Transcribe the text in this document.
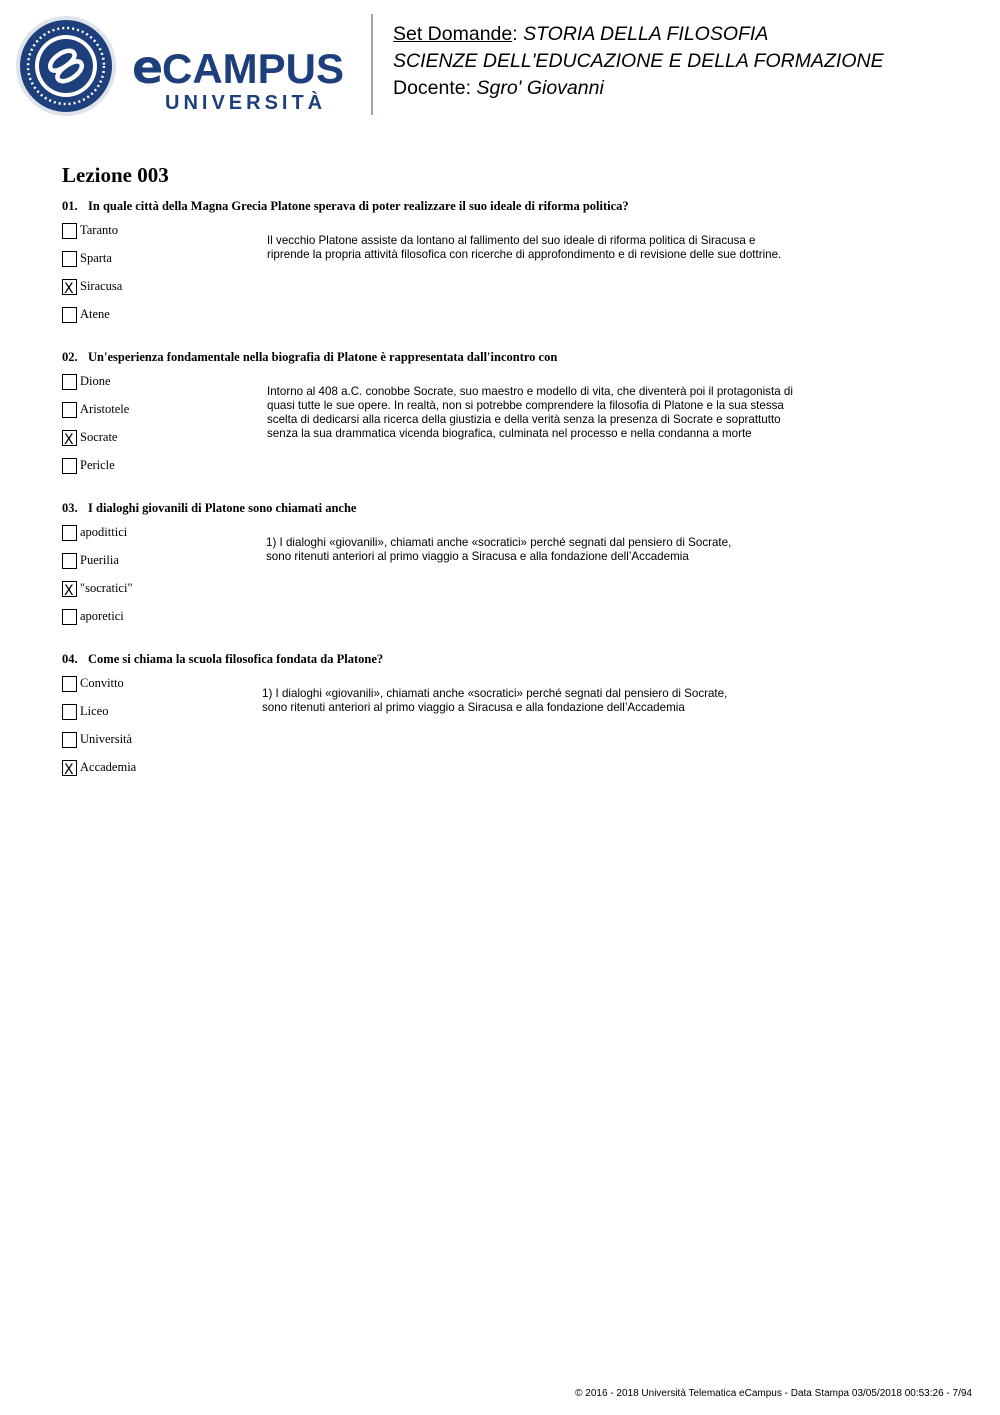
e
CAMPUS
UNIVERSITÀ
Set Domande: STORIA DELLA FILOSOFIA
SCIENZE DELL'EDUCAZIONE E DELLA FORMAZIONE
Docente: Sgro' Giovanni
Lezione 003
01. In quale città della Magna Grecia Platone sperava di poter realizzare il suo ideale di riforma politica?
Taranto
Sparta
X Siracusa
Atene

Il vecchio Platone assiste da lontano al fallimento del suo ideale di riforma politica di Siracusa e

riprende la propria attività filosofica con ricerche di approfondimento e di revisione delle sue dottrine.

02. Un'esperienza fondamentale nella biografia di Platone è rappresentata dall'incontro con
Dione
Aristotele
X Socrate
Pericle

Intorno al 408 a.C. conobbe Socrate, suo maestro e modello di vita, che diventerà poi il protagonista di

quasi tutte le sue opere. In realtà, non si potrebbe comprendere la filosofia di Platone e la sua stessa

scelta di dedicarsi alla ricerca della giustizia e della verità senza la presenza di Socrate e soprattutto

senza la sua drammatica vicenda biografica, culminata nel processo e nella condanna a morte

03. I dialoghi giovanili di Platone sono chiamati anche
apodittici
Puerilia
X "socratici"
aporetici

1) I dialoghi «giovanili», chiamati anche «socratici» perché segnati dal pensiero di Socrate,

sono ritenuti anteriori al primo viaggio a Siracusa e alla fondazione dell’Accademia

04. Come si chiama la scuola filosofica fondata da Platone?
Convitto
Liceo
Università
X Accademia

1) I dialoghi «giovanili», chiamati anche «socratici» perché segnati dal pensiero di Socrate,

sono ritenuti anteriori al primo viaggio a Siracusa e alla fondazione dell’Accademia

© 2016 - 2018 Università Telematica eCampus - Data Stampa 03/05/2018 00:53:26 - 7/94
